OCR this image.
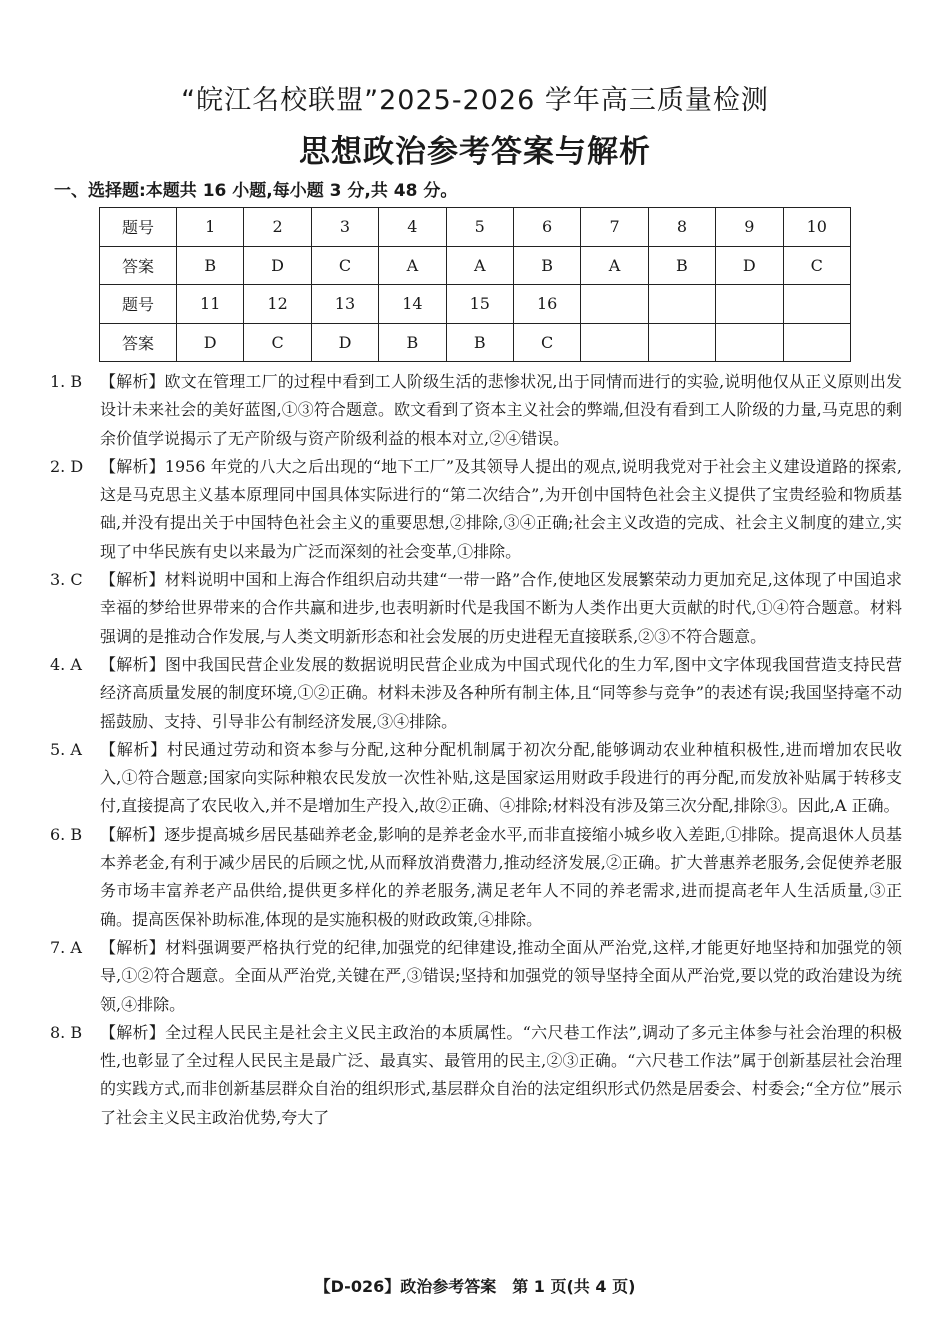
“皖江名校联盟”2025-2026 学年高三质量检测
思想政治参考答案与解析
一、选择题:本题共 16 小题,每小题 3 分,共 48 分。
题号	1	2	3	4	5	6	7	8	9	10
答案	B	D	C	A	A	B	A	B	D	C
题号	11	12	13	14	15	16				
答案	D	C	D	B	B	C				
1. B	【解析】欧文在管理工厂的过程中看到工人阶级生活的悲惨状况,出于同情而进行的实验,说明他仅从正义原则出发设计未来社会的美好蓝图,①③符合题意。欧文看到了资本主义社会的弊端,但没有看到工人阶级的力量,马克思的剩余价值学说揭示了无产阶级与资产阶级利益的根本对立,②④错误。
2. D	【解析】1956 年党的八大之后出现的“地下工厂”及其领导人提出的观点,说明我党对于社会主义建设道路的探索,这是马克思主义基本原理同中国具体实际进行的“第二次结合”,为开创中国特色社会主义提供了宝贵经验和物质基础,并没有提出关于中国特色社会主义的重要思想,②排除,③④正确;社会主义改造的完成、社会主义制度的建立,实现了中华民族有史以来最为广泛而深刻的社会变革,①排除。
3. C	【解析】材料说明中国和上海合作组织启动共建“一带一路”合作,使地区发展繁荣动力更加充足,这体现了中国追求幸福的梦给世界带来的合作共赢和进步,也表明新时代是我国不断为人类作出更大贡献的时代,①④符合题意。材料强调的是推动合作发展,与人类文明新形态和社会发展的历史进程无直接联系,②③不符合题意。
4. A	【解析】图中我国民营企业发展的数据说明民营企业成为中国式现代化的生力军,图中文字体现我国营造支持民营经济高质量发展的制度环境,①②正确。材料未涉及各种所有制主体,且“同等参与竞争”的表述有误;我国坚持毫不动摇鼓励、支持、引导非公有制经济发展,③④排除。
5. A	【解析】村民通过劳动和资本参与分配,这种分配机制属于初次分配,能够调动农业种植积极性,进而增加农民收入,①符合题意;国家向实际种粮农民发放一次性补贴,这是国家运用财政手段进行的再分配,而发放补贴属于转移支付,直接提高了农民收入,并不是增加生产投入,故②正确、④排除;材料没有涉及第三次分配,排除③。因此,A 正确。
6. B	【解析】逐步提高城乡居民基础养老金,影响的是养老金水平,而非直接缩小城乡收入差距,①排除。提高退休人员基本养老金,有利于减少居民的后顾之忧,从而释放消费潜力,推动经济发展,②正确。扩大普惠养老服务,会促使养老服务市场丰富养老产品供给,提供更多样化的养老服务,满足老年人不同的养老需求,进而提高老年人生活质量,③正确。提高医保补助标准,体现的是实施积极的财政政策,④排除。
7. A	【解析】材料强调要严格执行党的纪律,加强党的纪律建设,推动全面从严治党,这样,才能更好地坚持和加强党的领导,①②符合题意。全面从严治党,关键在严,③错误;坚持和加强党的领导坚持全面从严治党,要以党的政治建设为统领,④排除。
8. B	【解析】全过程人民民主是社会主义民主政治的本质属性。“六尺巷工作法”,调动了多元主体参与社会治理的积极性,也彰显了全过程人民民主是最广泛、最真实、最管用的民主,②③正确。“六尺巷工作法”属于创新基层社会治理的实践方式,而非创新基层群众自治的组织形式,基层群众自治的法定组织形式仍然是居委会、村委会;“全方位”展示了社会主义民主政治优势,夸大了
【D-026】政治参考答案　第 1 页(共 4 页)
